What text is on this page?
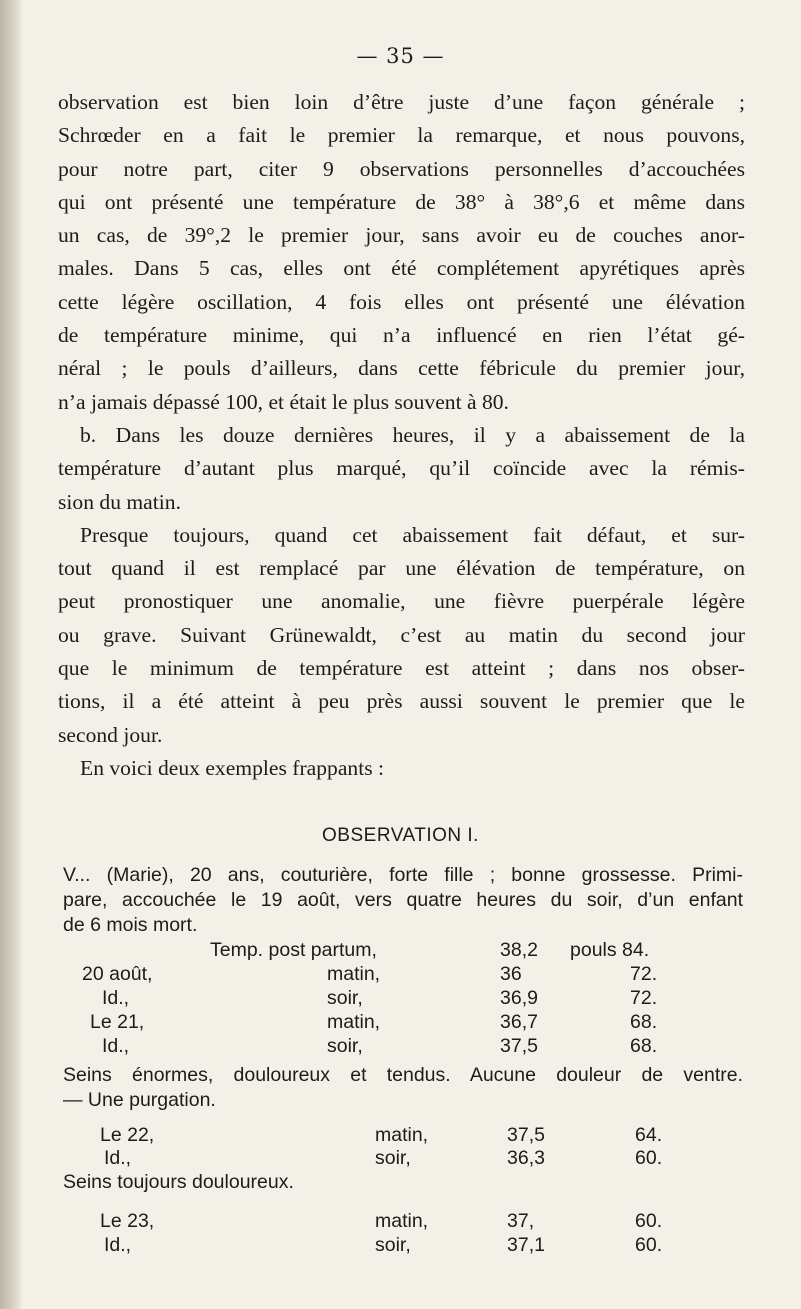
— 35 —

observation est bien loin d’être juste d’une façon générale ;

Schrœder en a fait le premier la remarque, et nous pouvons,

pour notre part, citer 9 observations personnelles d’accouchées

qui ont présenté une température de 38° à 38°,6 et même dans

un cas, de 39°,2 le premier jour, sans avoir eu de couches anor-

males. Dans 5 cas, elles ont été complétement apyrétiques après

cette légère oscillation, 4 fois elles ont présenté une élévation

de température minime, qui n’a influencé en rien l’état gé-

néral ; le pouls d’ailleurs, dans cette fébricule du premier jour,

n’a jamais dépassé 100, et était le plus souvent à 80.

b. Dans les douze dernières heures, il y a abaissement de la

température d’autant plus marqué, qu’il coïncide avec la rémis-

sion du matin.

Presque toujours, quand cet abaissement fait défaut, et sur-

tout quand il est remplacé par une élévation de température, on

peut pronostiquer une anomalie, une fièvre puerpérale légère

ou grave. Suivant Grünewaldt, c’est au matin du second jour

que le minimum de température est atteint ; dans nos obser-

tions, il a été atteint à peu près aussi souvent le premier que le

second jour.

En voici deux exemples frappants :

OBSERVATION I.

V... (Marie), 20 ans, couturière, forte fille ; bonne grossesse. Primi-

pare, accouchée le 19 août, vers quatre heures du soir, d’un enfant

de 6 mois mort.

Temp. post partum,	38,2 pouls 84.
20 août,	matin,	36	72.
Id.,	soir,	36,9	72.
Le 21,	matin,	36,7	68.
Id.,	soir,	37,5	68.

Seins énormes, douloureux et tendus. Aucune douleur de ventre.

— Une purgation.

Le 22,	matin,	37,5	64.
Id.,	soir,	36,3	60.
Seins toujours douloureux.
Le 23,	matin,	37,	60.
Id.,	soir,	37,1	60.
